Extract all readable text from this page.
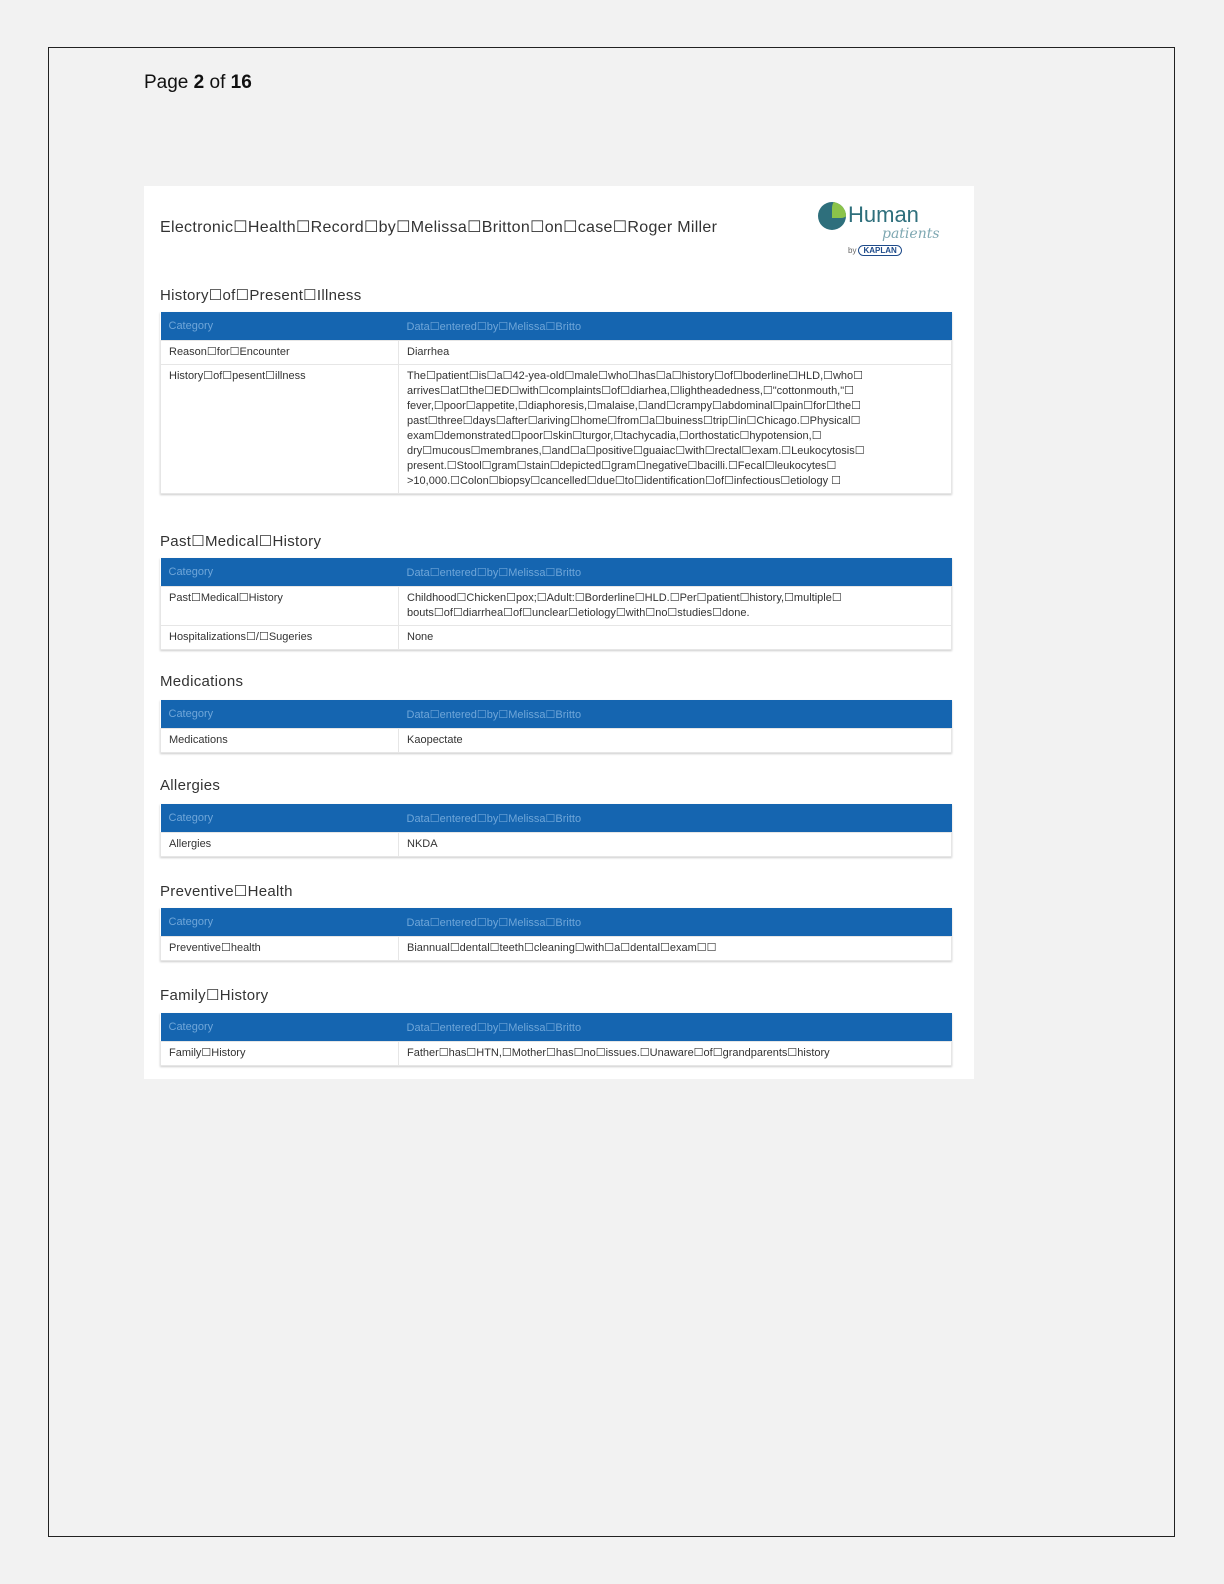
Page 2 of 16
Electronic☐Health☐Record☐by☐Melissa☐Britton☐on☐case☐Roger Miller
Human
patients
by KAPLAN
History☐of☐Present☐Illness
Category	Data☐entered☐by☐Melissa☐Britto
Reason☐for☐Encounter	Diarrhea
History☐of☐pesent☐illness	The☐patient☐is☐a☐42-yea-old☐male☐who☐has☐a☐history☐of☐boderline☐HLD,☐who☐ arrives☐at☐the☐ED☐with☐complaints☐of☐diarhea,☐lightheadedness,☐"cottonmouth,"☐ fever,☐poor☐appetite,☐diaphoresis,☐malaise,☐and☐crampy☐abdominal☐pain☐for☐the☐ past☐three☐days☐after☐ariving☐home☐from☐a☐buiness☐trip☐in☐Chicago.☐Physical☐ exam☐demonstrated☐poor☐skin☐turgor,☐tachycadia,☐orthostatic☐hypotension,☐ dry☐mucous☐membranes,☐and☐a☐positive☐guaiac☐with☐rectal☐exam.☐Leukocytosis☐ present.☐Stool☐gram☐stain☐depicted☐gram☐negative☐bacilli.☐Fecal☐leukocytes☐ >10,000.☐Colon☐biopsy☐cancelled☐due☐to☐identification☐of☐infectious☐etiology ☐
Past☐Medical☐History
Category	Data☐entered☐by☐Melissa☐Britto
Past☐Medical☐History	Childhood☐Chicken☐pox;☐Adult:☐Borderline☐HLD.☐Per☐patient☐history,☐multiple☐ bouts☐of☐diarrhea☐of☐unclear☐etiology☐with☐no☐studies☐done.
Hospitalizations☐/☐Sugeries	None
Medications
Category	Data☐entered☐by☐Melissa☐Britto
Medications	Kaopectate
Allergies
Category	Data☐entered☐by☐Melissa☐Britto
Allergies	NKDA
Preventive☐Health
Category	Data☐entered☐by☐Melissa☐Britto
Preventive☐health	Biannual☐dental☐teeth☐cleaning☐with☐a☐dental☐exam☐☐
Family☐History
Category	Data☐entered☐by☐Melissa☐Britto
Family☐History	Father☐has☐HTN,☐Mother☐has☐no☐issues.☐Unaware☐of☐grandparents☐history
